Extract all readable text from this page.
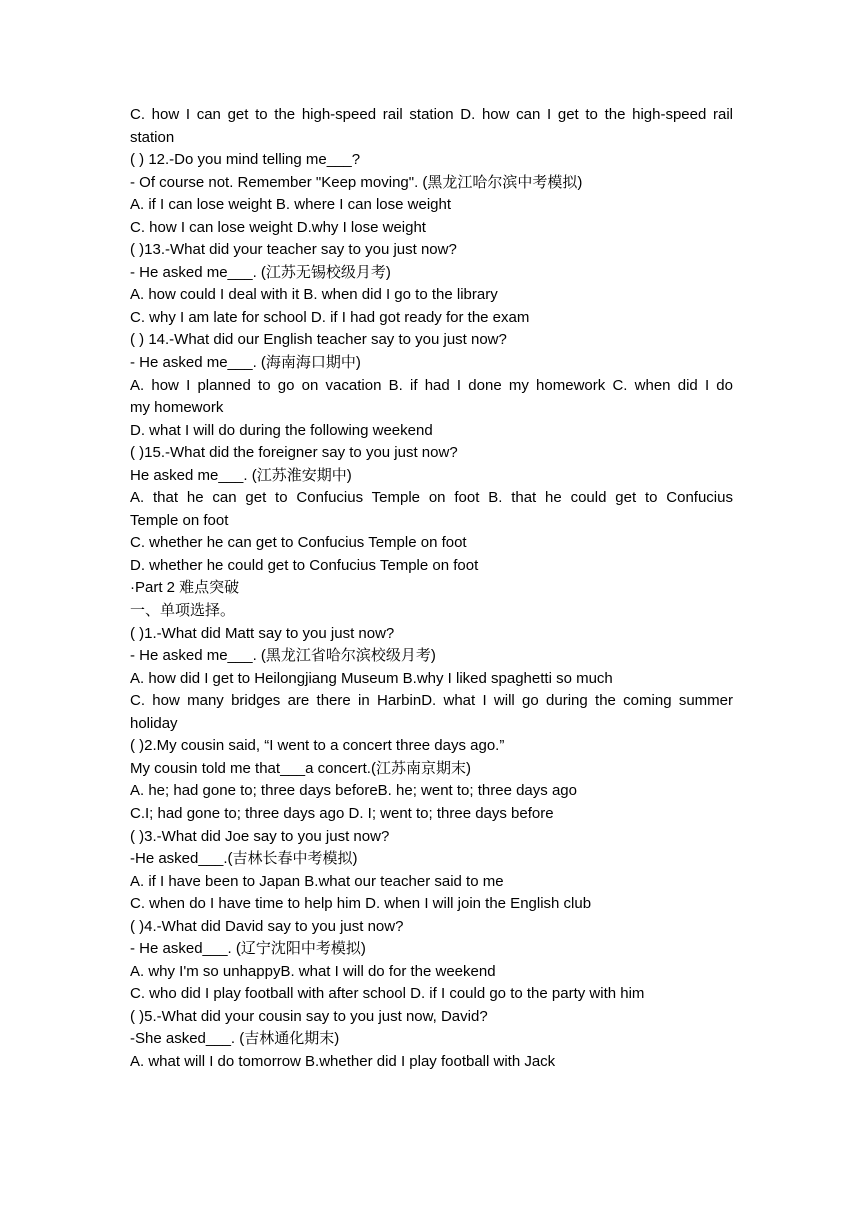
C. how I can get to the high-speed rail station D. how can I get to the high-speed rail
station
( ) 12.-Do you mind telling me___?
- Of course not. Remember "Keep moving". (黑龙江哈尔滨中考模拟)
A. if I can lose weight B. where I can lose weight
C. how I can lose weight D.why I lose weight
( )13.-What did your teacher say to you just now?
- He asked me___. (江苏无锡校级月考)
A. how could I deal with it B. when did I go to the library
C. why I am late for school D. if I had got ready for the exam
( ) 14.-What did our English teacher say to you just now?
- He asked me___. (海南海口期中)
A. how I planned to go on vacation B. if had I done my homework C. when did I do
my homework
D. what I will do during the following weekend
( )15.-What did the foreigner say to you just now?
He asked me___. (江苏淮安期中)
A. that he can get to Confucius Temple on foot B. that he could get to Confucius
Temple on foot
C. whether he can get to Confucius Temple on foot
D. whether he could get to Confucius Temple on foot
·Part 2 难点突破
一、单项选择。
( )1.-What did Matt say to you just now?
- He asked me___. (黑龙江省哈尔滨校级月考)
A. how did I get to Heilongjiang Museum B.why I liked spaghetti so much
C. how many bridges are there in HarbinD. what I will go during the coming summer
holiday
( )2.My cousin said, “I went to a concert three days ago.”
My cousin told me that___a concert.(江苏南京期末)
A. he; had gone to; three days beforeB. he; went to; three days ago
C.I; had gone to; three days ago D. I; went to; three days before
( )3.-What did Joe say to you just now?
-He asked___.(吉林长春中考模拟)
A. if I have been to Japan B.what our teacher said to me
C. when do I have time to help him D. when I will join the English club
( )4.-What did David say to you just now?
- He asked___. (辽宁沈阳中考模拟)
A. why I'm so unhappyB. what I will do for the weekend
C. who did I play football with after school D. if I could go to the party with him
( )5.-What did your cousin say to you just now, David?
-She asked___. (吉林通化期末)
A. what will I do tomorrow B.whether did I play football with Jack
